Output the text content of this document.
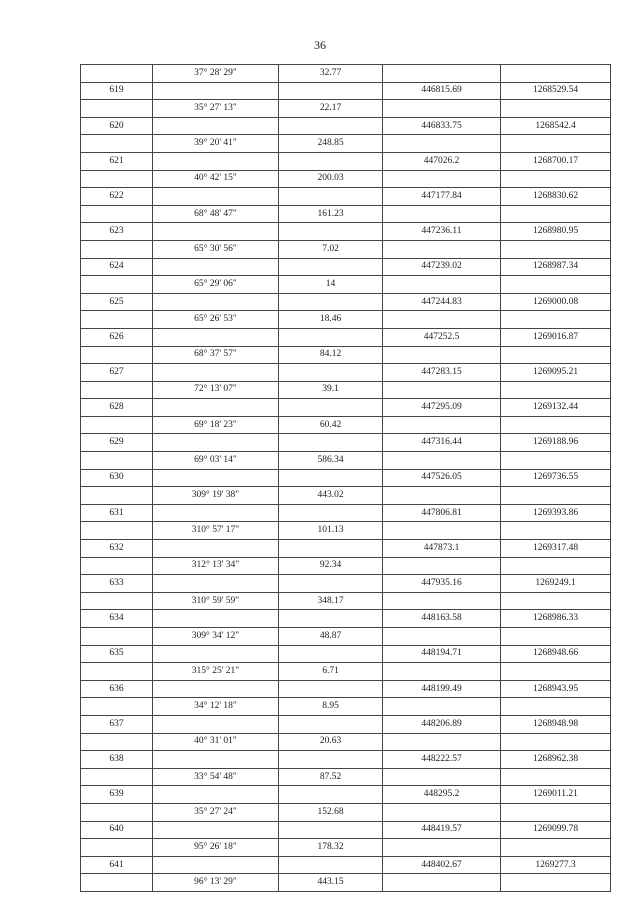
36
	37° 28' 29"	32.77		
619			446815.69	1268529.54
	35° 27' 13"	22.17		
620			446833.75	1268542.4
	39° 20' 41"	248.85		
621			447026.2	1268700.17
	40° 42' 15"	200.03		
622			447177.84	1268830.62
	68° 48' 47"	161.23		
623			447236.11	1268980.95
	65° 30' 56"	7.02		
624			447239.02	1268987.34
	65° 29' 06"	14		
625			447244.83	1269000.08
	65° 26' 53"	18.46		
626			447252.5	1269016.87
	68° 37' 57"	84.12		
627			447283.15	1269095.21
	72° 13' 07"	39.1		
628			447295.09	1269132.44
	69° 18' 23"	60.42		
629			447316.44	1269188.96
	69° 03' 14"	586.34		
630			447526.05	1269736.55
	309° 19' 38"	443.02		
631			447806.81	1269393.86
	310° 57' 17"	101.13		
632			447873.1	1269317.48
	312° 13' 34"	92.34		
633			447935.16	1269249.1
	310° 59' 59"	348.17		
634			448163.58	1268986.33
	309° 34' 12"	48.87		
635			448194.71	1268948.66
	315° 25' 21"	6.71		
636			448199.49	1268943.95
	34° 12' 18"	8.95		
637			448206.89	1268948.98
	40° 31' 01"	20.63		
638			448222.57	1268962.38
	33° 54' 48"	87.52		
639			448295.2	1269011.21
	35° 27' 24"	152.68		
640			448419.57	1269099.78
	95° 26' 18"	178.32		
641			448402.67	1269277.3
	96° 13' 29"	443.15		
